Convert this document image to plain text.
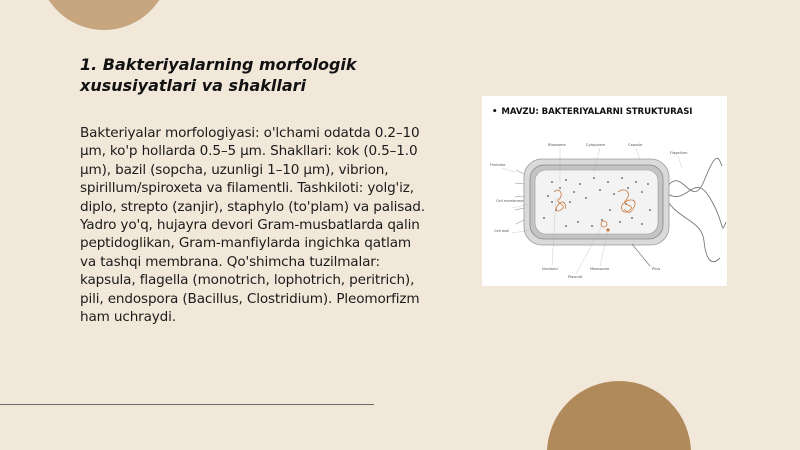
1. Bakteriyalarning morfologik xususiyatlari va shakllari
Bakteriyalar morfologiyasi: o'lchami odatda 0.2–10 µm, ko'p hollarda 0.5–5 µm. Shakllari: kok (0.5–1.0 µm), bazil (sopcha, uzunligi 1–10 µm), vibrion, spirillum/spiroxeta va filamentli. Tashkiloti: yolg'iz, diplo, strepto (zanjir), staphylo (to'plam) va palisad. Yadro yo'q, hujayra devori Gram-musbatlarda qalin peptidoglikan, Gram-manfiylarda ingichka qatlam va tashqi membrana. Qo'shimcha tuzilmalar: kapsula, flagella (monotrich, lophotrich, peritrich), pili, endospora (Bacillus, Clostridium). Pleomorfizm ham uchraydi.
• MAVZU: BAKTERIYALARNI STRUKTURASI
Ribosome	Cytoplasm	Capsule
Flagellum
Fimbriae
Cell membrane
Cell wall
Nucleoid
Plasmid
Mesosome	Pilus
